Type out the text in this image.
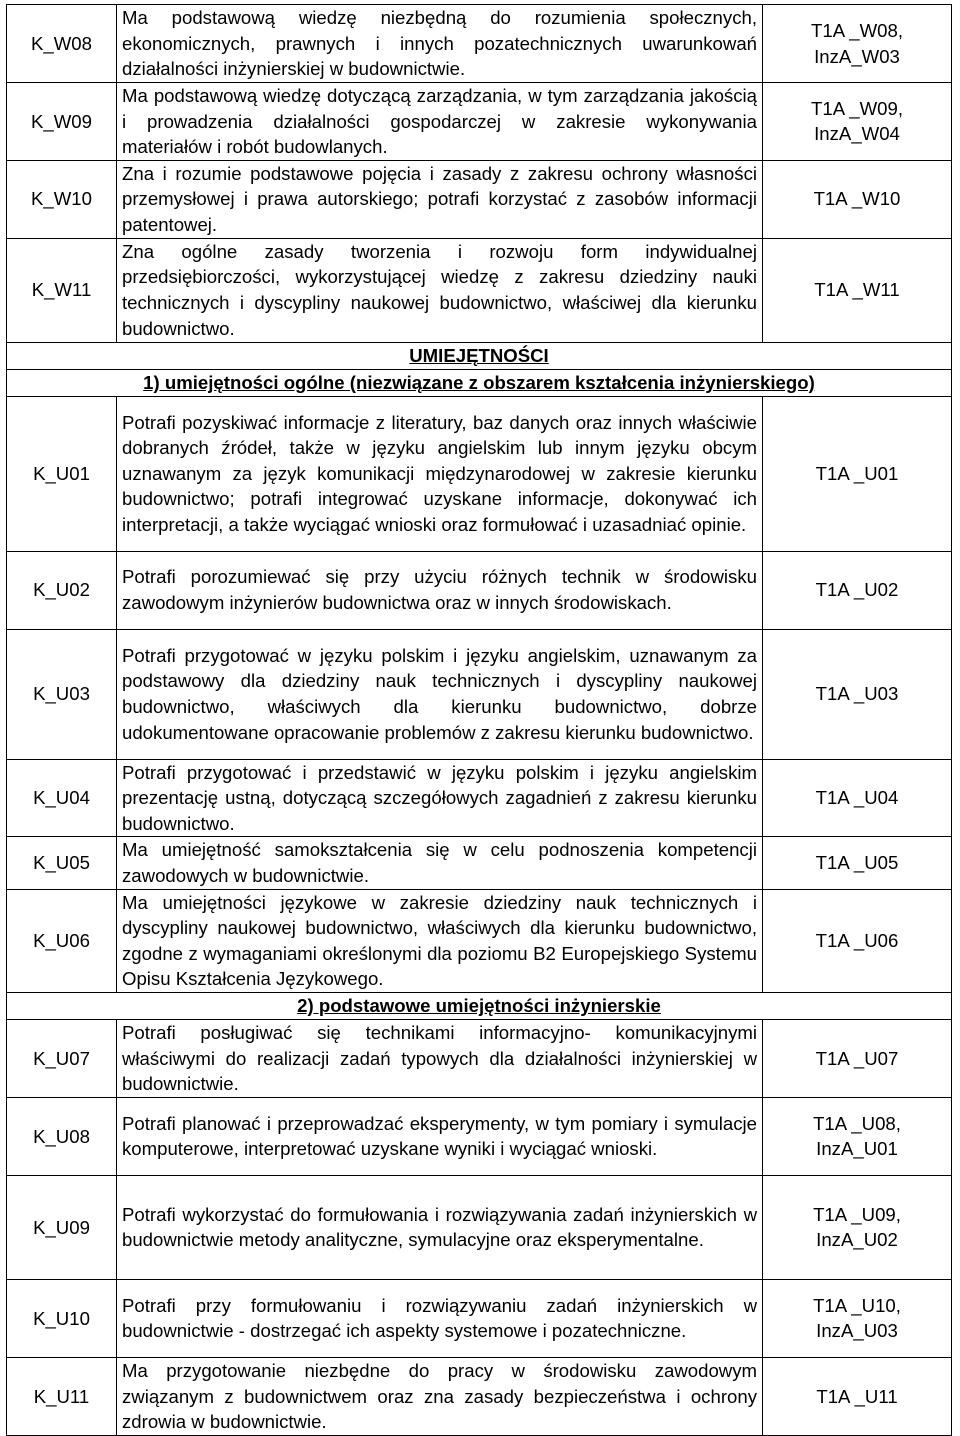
K_W08	Ma podstawową wiedzę niezbędną do rozumienia społecznych, ekonomicznych, prawnych i innych pozatechnicznych uwarunkowań działalności inżynierskiej w budownictwie.	T1A _W08,
InzA_W03

K_W09	Ma podstawową wiedzę dotyczącą zarządzania, w tym zarządzania jakością i prowadzenia działalności gospodarczej w zakresie wykonywania materiałów i robót budowlanych.	T1A _W09,
InzA_W04

K_W10	Zna i rozumie podstawowe pojęcia i zasady z zakresu ochrony własności przemysłowej i prawa autorskiego; potrafi korzystać z zasobów informacji patentowej.	T1A _W10

K_W11	Zna ogólne zasady tworzenia i rozwoju form indywidualnej przedsiębiorczości, wykorzystującej wiedzę z zakresu dziedziny nauki technicznych i dyscypliny naukowej budownictwo, właściwej dla kierunku budownictwo.	T1A _W11

UMIEJĘTNOŚCI		
1) umiejętności ogólne (niezwiązane z obszarem kształcenia inżynierskiego)		
K_U01	Potrafi pozyskiwać informacje z literatury, baz danych oraz innych właściwie dobranych źródeł, także w języku angielskim lub innym języku obcym uznawanym za język komunikacji międzynarodowej w zakresie kierunku budownictwo; potrafi integrować uzyskane informacje, dokonywać ich interpretacji, a także wyciągać wnioski oraz formułować i uzasadniać opinie.	T1A _U01

K_U02	Potrafi porozumiewać się przy użyciu różnych technik w środowisku zawodowym inżynierów budownictwa oraz w innych środowiskach.	T1A _U02

K_U03	Potrafi przygotować w języku polskim i języku angielskim, uznawanym za podstawowy dla dziedziny nauk technicznych i dyscypliny naukowej budownictwo, właściwych dla kierunku budownictwo, dobrze udokumentowane opracowanie problemów z zakresu kierunku budownictwo.	T1A _U03

K_U04	Potrafi przygotować i przedstawić w języku polskim i języku angielskim prezentację ustną, dotyczącą szczegółowych zagadnień z zakresu kierunku budownictwo.	T1A _U04

K_U05	Ma umiejętność samokształcenia się w celu podnoszenia kompetencji zawodowych w budownictwie.	T1A _U05

K_U06	Ma umiejętności językowe w zakresie dziedziny nauk technicznych i dyscypliny naukowej budownictwo, właściwych dla kierunku budownictwo, zgodne z wymaganiami określonymi dla poziomu B2 Europejskiego Systemu Opisu Kształcenia Językowego.	T1A _U06

2) podstawowe umiejętności inżynierskie		
K_U07	Potrafi posługiwać się technikami informacyjno- komunikacyjnymi właściwymi do realizacji zadań typowych dla działalności inżynierskiej w budownictwie.	T1A _U07

K_U08	Potrafi planować i przeprowadzać eksperymenty, w tym pomiary i symulacje komputerowe, interpretować uzyskane wyniki i wyciągać wnioski.	T1A _U08,
InzA_U01

K_U09	Potrafi wykorzystać do formułowania i rozwiązywania zadań inżynierskich w budownictwie metody analityczne, symulacyjne oraz eksperymentalne.	T1A _U09,
InzA_U02

K_U10	Potrafi przy formułowaniu i rozwiązywaniu zadań inżynierskich w budownictwie - dostrzegać ich aspekty systemowe i pozatechniczne.	T1A _U10,
InzA_U03

K_U11	Ma przygotowanie niezbędne do pracy w środowisku zawodowym związanym z budownictwem oraz zna zasady bezpieczeństwa i ochrony zdrowia w budownictwie.	T1A _U11
